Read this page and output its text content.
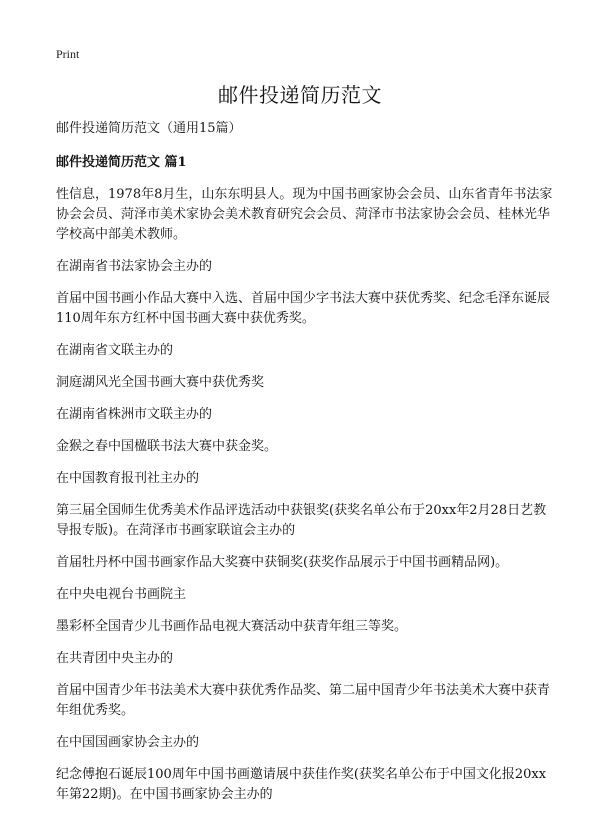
Print
邮件投递简历范文

邮件投递简历范文（通用15篇）

邮件投递简历范文 篇1

性信息，1978年8月生，山东东明县人。现为中国书画家协会会员、山东省青年书法家协会会员、菏泽市美术家协会美术教育研究会会员、菏泽市书法家协会会员、桂林光华学校高中部美术教师。

在湖南省书法家协会主办的

首届中国书画小作品大赛中入选、首届中国少字书法大赛中获优秀奖、纪念毛泽东诞辰110周年东方红杯中国书画大赛中获优秀奖。

在湖南省文联主办的

洞庭湖风光全国书画大赛中获优秀奖

在湖南省株洲市文联主办的

金猴之春中国楹联书法大赛中获金奖。

在中国教育报刊社主办的

第三届全国师生优秀美术作品评选活动中获银奖(获奖名单公布于20xx年2月28日艺教导报专版)。在菏泽市书画家联谊会主办的

首届牡丹杯中国书画家作品大奖赛中获铜奖(获奖作品展示于中国书画精品网)。

在中央电视台书画院主

墨彩杯全国青少儿书画作品电视大赛活动中获青年组三等奖。

在共青团中央主办的

首届中国青少年书法美术大赛中获优秀作品奖、第二届中国青少年书法美术大赛中获青年组优秀奖。

在中国国画家协会主办的

纪念傅抱石诞辰100周年中国书画邀请展中获佳作奖(获奖名单公布于中国文化报20xx年第22期)。在中国书画家协会主办的
